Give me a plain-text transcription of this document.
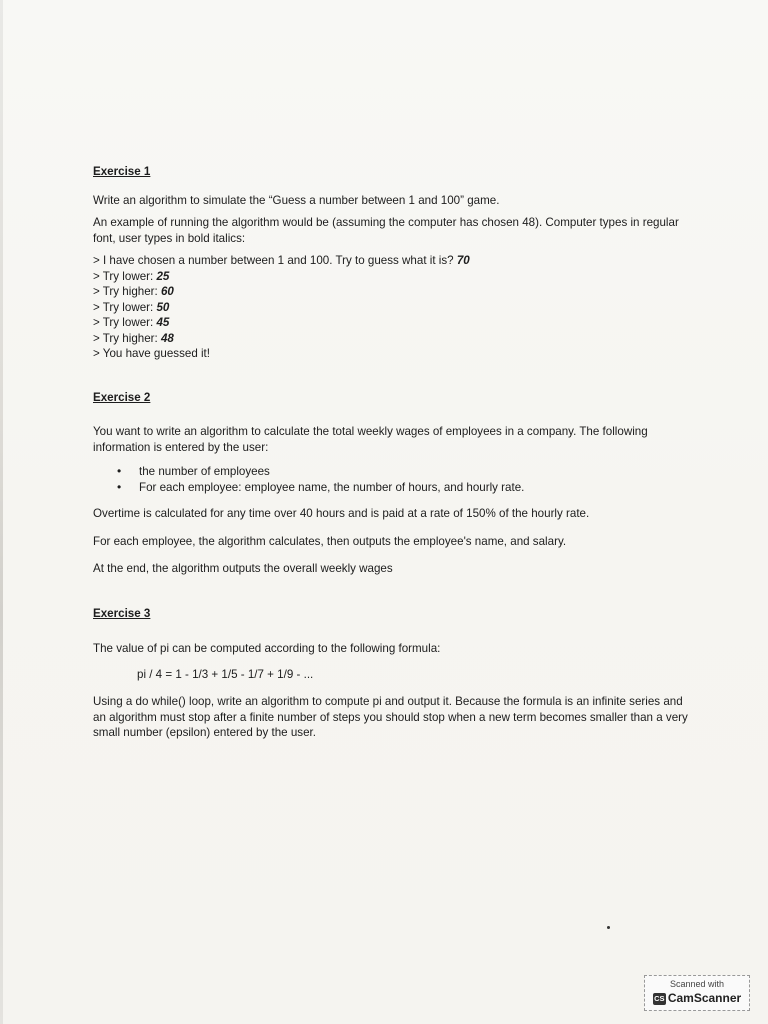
Exercise 1

Write an algorithm to simulate the “Guess a number between 1 and 100” game.

An example of running the algorithm would be (assuming the computer has chosen 48). Computer types in regular font, user types in bold italics:

> I have chosen a number between 1 and 100. Try to guess what it is? 70
> Try lower: 25
> Try higher: 60
> Try lower: 50
> Try lower: 45
> Try higher: 48
> You have guessed it!

Exercise 2

You want to write an algorithm to calculate the total weekly wages of employees in a company. The following information is entered by the user:

• the number of employees
• For each employee: employee name, the number of hours, and hourly rate.

Overtime is calculated for any time over 40 hours and is paid at a rate of 150% of the hourly rate.

For each employee, the algorithm calculates, then outputs the employee's name, and salary.

At the end, the algorithm outputs the overall weekly wages

Exercise 3

The value of pi can be computed according to the following formula:

pi / 4 = 1 - 1/3 + 1/5 - 1/7 + 1/9 - ...

Using a do while() loop, write an algorithm to compute pi and output it. Because the formula is an infinite series and an algorithm must stop after a finite number of steps you should stop when a new term becomes smaller than a very small number (epsilon) entered by the user.

Scanned with
CS CamScanner
